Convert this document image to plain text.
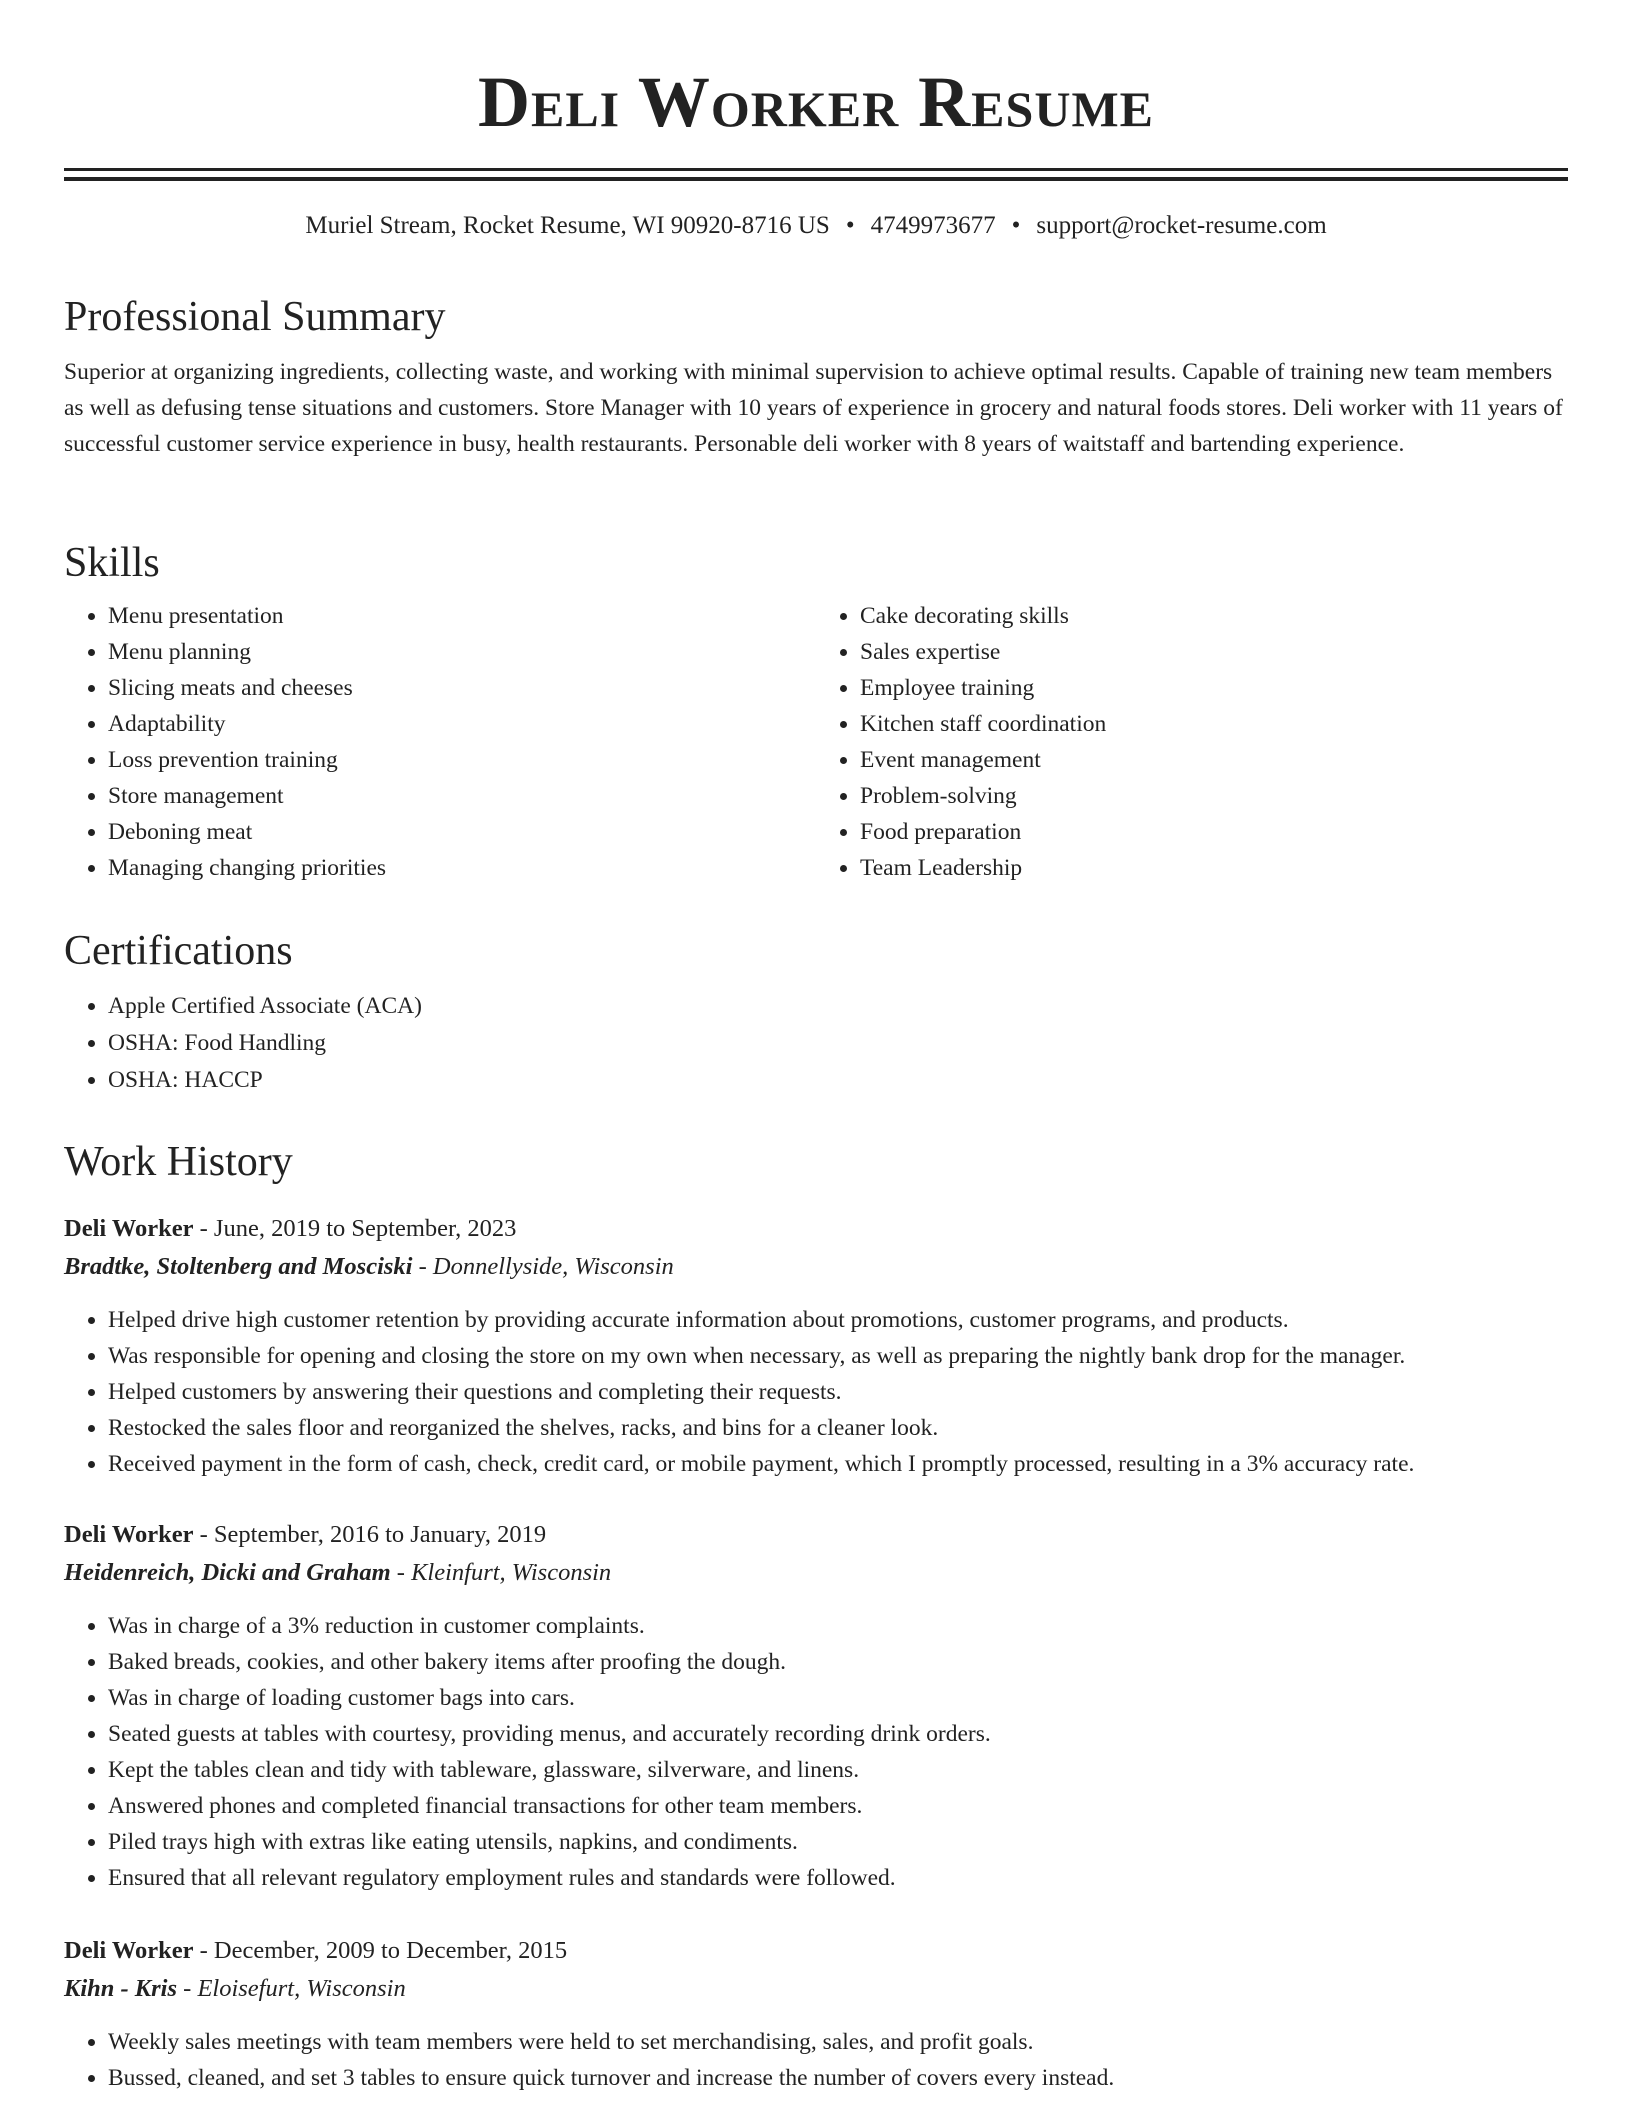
Deli Worker Resume
Muriel Stream, Rocket Resume, WI 90920-8716 US • 4749973677 • support@rocket-resume.com
Professional Summary

Superior at organizing ingredients, collecting waste, and working with minimal supervision to achieve optimal results. Capable of training new team members as well as defusing tense situations and customers. Store Manager with 10 years of experience in grocery and natural foods stores. Deli worker with 11 years of successful customer service experience in busy, health restaurants. Personable deli worker with 8 years of waitstaff and bartending experience.

Skills
• Menu presentation
• Menu planning
• Slicing meats and cheeses
• Adaptability
• Loss prevention training
• Store management
• Deboning meat
• Managing changing priorities
• Cake decorating skills
• Sales expertise
• Employee training
• Kitchen staff coordination
• Event management
• Problem-solving
• Food preparation
• Team Leadership
Certifications
• Apple Certified Associate (ACA)
• OSHA: Food Handling
• OSHA: HACCP
Work History
Deli Worker - June, 2019 to September, 2023
Bradtke, Stoltenberg and Mosciski - Donnellyside, Wisconsin
• Helped drive high customer retention by providing accurate information about promotions, customer programs, and products.
• Was responsible for opening and closing the store on my own when necessary, as well as preparing the nightly bank drop for the manager.
• Helped customers by answering their questions and completing their requests.
• Restocked the sales floor and reorganized the shelves, racks, and bins for a cleaner look.
• Received payment in the form of cash, check, credit card, or mobile payment, which I promptly processed, resulting in a 3% accuracy rate.
Deli Worker - September, 2016 to January, 2019
Heidenreich, Dicki and Graham - Kleinfurt, Wisconsin
• Was in charge of a 3% reduction in customer complaints.
• Baked breads, cookies, and other bakery items after proofing the dough.
• Was in charge of loading customer bags into cars.
• Seated guests at tables with courtesy, providing menus, and accurately recording drink orders.
• Kept the tables clean and tidy with tableware, glassware, silverware, and linens.
• Answered phones and completed financial transactions for other team members.
• Piled trays high with extras like eating utensils, napkins, and condiments.
• Ensured that all relevant regulatory employment rules and standards were followed.
Deli Worker - December, 2009 to December, 2015
Kihn - Kris - Eloisefurt, Wisconsin
• Weekly sales meetings with team members were held to set merchandising, sales, and profit goals.
• Bussed, cleaned, and set 3 tables to ensure quick turnover and increase the number of covers every instead.
